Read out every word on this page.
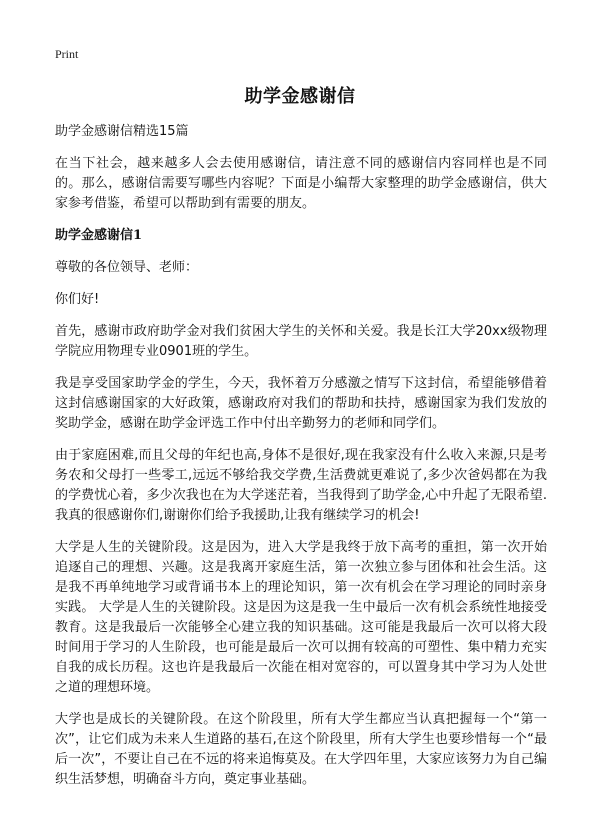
Print
助学金感谢信

助学金感谢信精选15篇

在当下社会，越来越多人会去使用感谢信，请注意不同的感谢信内容同样也是不同的。那么，感谢信需要写哪些内容呢？下面是小编帮大家整理的助学金感谢信，供大家参考借鉴，希望可以帮助到有需要的朋友。

助学金感谢信1

尊敬的各位领导、老师：

你们好!

首先，感谢市政府助学金对我们贫困大学生的关怀和关爱。我是长江大学20xx级物理学院应用物理专业0901班的学生。

我是享受国家助学金的学生，今天，我怀着万分感激之情写下这封信，希望能够借着这封信感谢国家的大好政策，感谢政府对我们的帮助和扶持，感谢国家为我们发放的奖助学金，感谢在助学金评选工作中付出辛勤努力的老师和同学们。

由于家庭困难,而且父母的年纪也高,身体不是很好,现在我家没有什么收入来源,只是考务农和父母打一些零工,远远不够给我交学费,生活费就更难说了,多少次爸妈都在为我的学费忧心着，多少次我也在为大学迷茫着，当我得到了助学金,心中升起了无限希望.我真的很感谢你们,谢谢你们给予我援助,让我有继续学习的机会!

大学是人生的关键阶段。这是因为，进入大学是我终于放下高考的重担，第一次开始追逐自己的理想、兴趣。这是我离开家庭生活，第一次独立参与团体和社会生活。这是我不再单纯地学习或背诵书本上的理论知识，第一次有机会在学习理论的同时亲身实践。 大学是人生的关键阶段。这是因为这是我一生中最后一次有机会系统性地接受教育。这是我最后一次能够全心建立我的知识基础。这可能是我最后一次可以将大段时间用于学习的人生阶段，也可能是最后一次可以拥有较高的可塑性、集中精力充实自我的成长历程。这也许是我最后一次能在相对宽容的，可以置身其中学习为人处世之道的理想环境。

大学也是成长的关键阶段。在这个阶段里，所有大学生都应当认真把握每一个“第一次”，让它们成为未来人生道路的基石,在这个阶段里，所有大学生也要珍惜每一个“最后一次”，不要让自己在不远的将来追悔莫及。在大学四年里，大家应该努力为自己编织生活梦想，明确奋斗方向，奠定事业基础。
